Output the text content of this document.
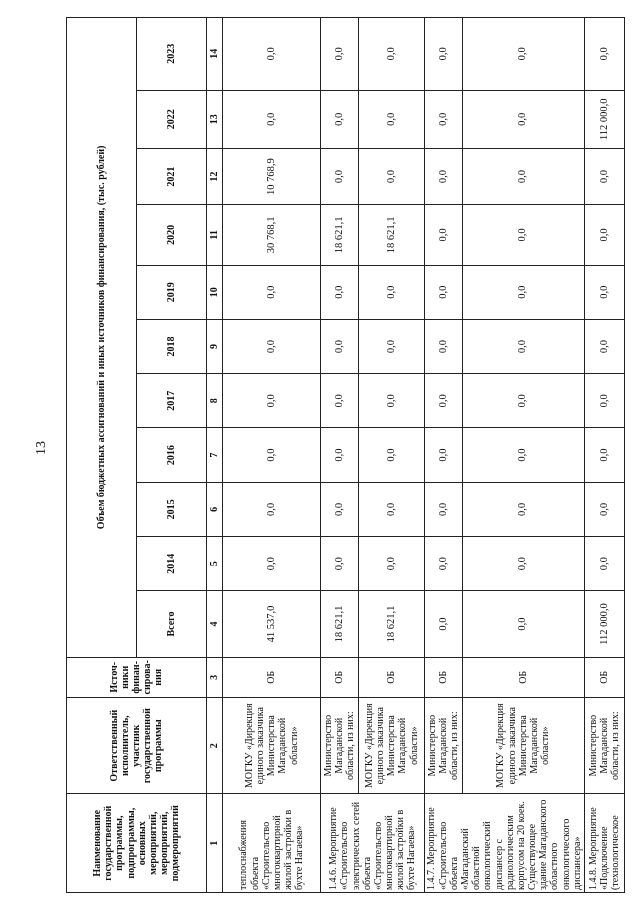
13
Наименование государственной программы, подпрограммы, основных мероприятий, мероприятий, подмероприятий	Ответственный исполнитель, участник государственной программы	Источ- ники финан- сирова- ния	Объем бюджетных ассигнований и иных источников финансирования, (тыс. рублей)										
			Всего	2014	2015	2016	2017	2018	2019	2020	2021	2022	2023
1	2	3	4	5	6	7	8	9	10	11	12	13	14
теплоснабжения объекта «Строительство многоквартирной жилой застройки в бухте Нагаева»	МОГКУ «Дирекция единого заказчика Министерства Магаданской области»	ОБ	41 537,0	0,0	0,0	0,0	0,0	0,0	0,0	30 768,1	10 768,9	0,0	0,0
1.4.6. Мероприятие «Строительство электрических сетей объекта «Строительство многоквартирной жилой застройки в бухте Нагаева»	Министерство Магаданской области, из них:	ОБ	18 621,1	0,0	0,0	0,0	0,0	0,0	0,0	18 621,1	0,0	0,0	0,0
	МОГКУ «Дирекция единого заказчика Министерства Магаданской области»	ОБ	18 621,1	0,0	0,0	0,0	0,0	0,0	0,0	18 621,1	0,0	0,0	0,0
1.4.7. Мероприятие «Строительство объекта «Магаданский областной онкологический диспансер с радиологическим корпусом на 20 коек. Существующее здание Магаданского областного онкологического диспансера»	Министерство Магаданской области, из них:	ОБ	0,0	0,0	0,0	0,0	0,0	0,0	0,0	0,0	0,0	0,0	0,0
	МОГКУ «Дирекция единого заказчика Министерства Магаданской области»	ОБ	0,0	0,0	0,0	0,0	0,0	0,0	0,0	0,0	0,0	0,0	0,0
1.4.8. Мероприятие «Подключение (технологическое	Министерство Магаданской области, из них:	ОБ	112 000,0	0,0	0,0	0,0	0,0	0,0	0,0	0,0	0,0	112 000,0	0,0
